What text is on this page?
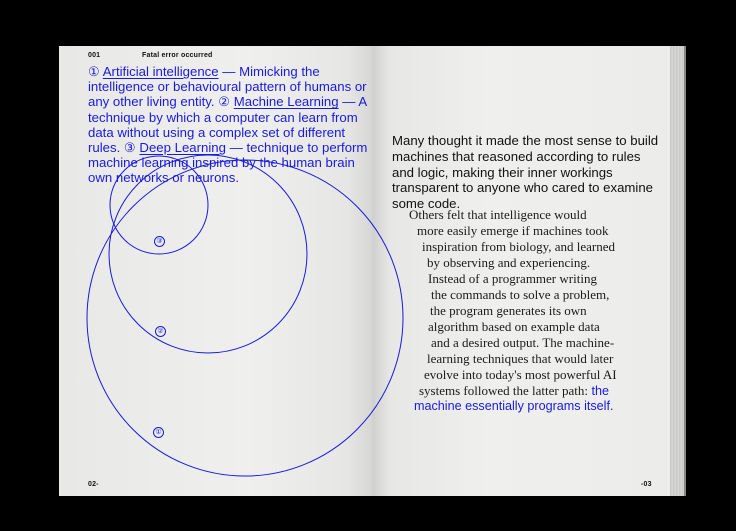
001	Fatal error occurred
③
②
①

① Artificial intelligence — Mimicking the intelligence or behavioural pattern of humans or any other living entity. ② Machine Learning — A technique by which a computer can learn from data without using a complex set of different rules. ③ Deep Learning — technique to perform machine learning inspired by the human brain own networks or neurons.

Many thought it made the most sense to build machines that reasoned according to rules and logic, making their inner workings transparent to anyone who cared to examine some code.

Others felt that intelligence would
more easily emerge if machines took
inspiration from biology, and learned
by observing and experiencing.
Instead of a programmer writing
the commands to solve a problem,
the program generates its own
algorithm based on example data
and a desired output. The machine-
learning techniques that would later
evolve into today's most powerful AI
systems followed the latter path: the
machine essentially programs itself.
02-	-03
